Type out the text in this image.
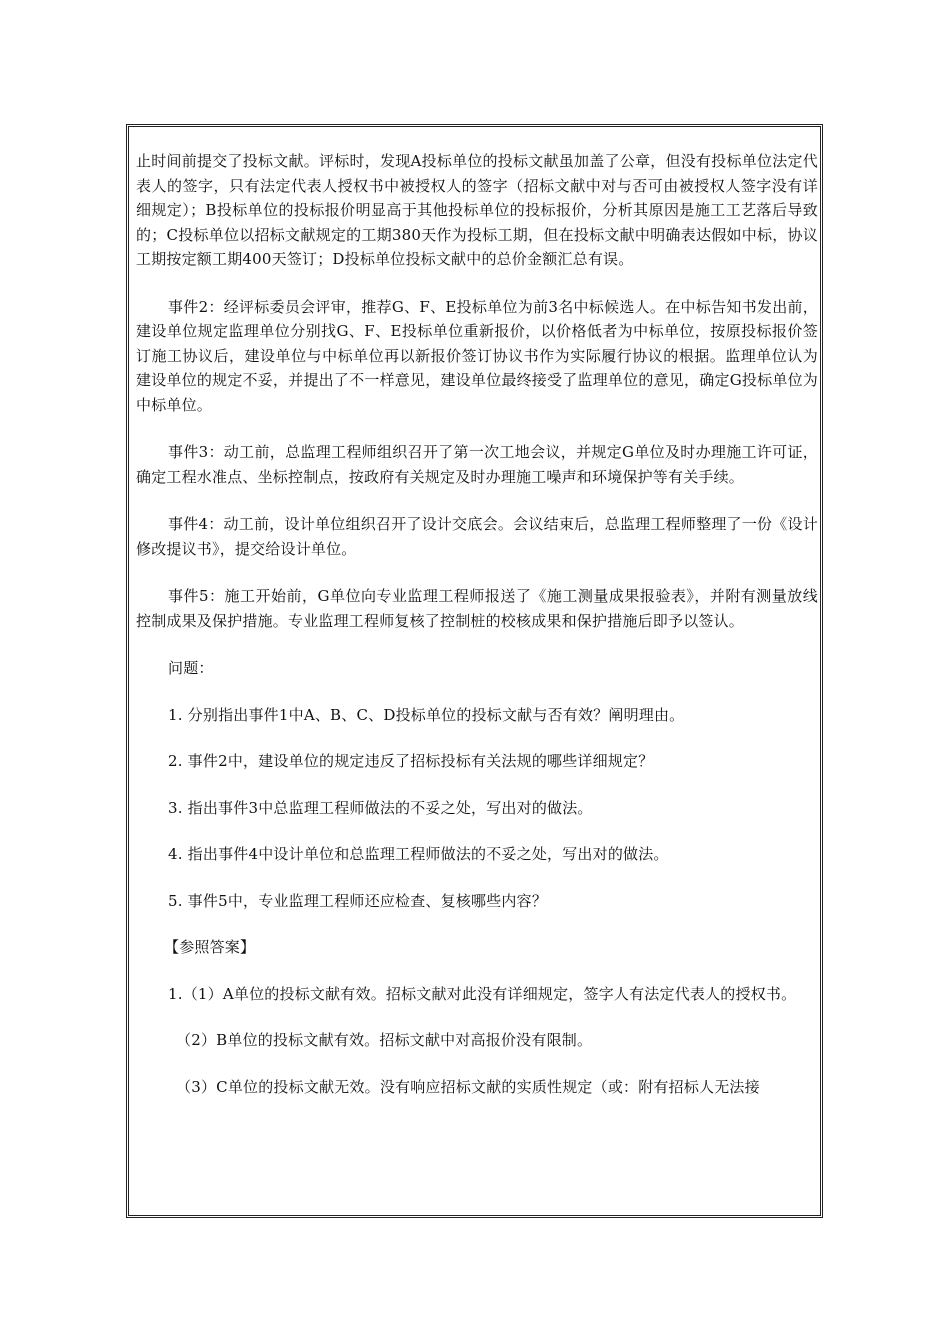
止时间前提交了投标文献。评标时，发现A投标单位的投标文献虽加盖了公章，但没有投标单位法定代表人的签字，只有法定代表人授权书中被授权人的签字（招标文献中对与否可由被授权人签字没有详细规定）；B投标单位的投标报价明显高于其他投标单位的投标报价，分析其原因是施工工艺落后导致的；C投标单位以招标文献规定的工期380天作为投标工期，但在投标文献中明确表达假如中标，协议工期按定额工期400天签订；D投标单位投标文献中的总价金额汇总有误。

事件2：经评标委员会评审，推荐G、F、E投标单位为前3名中标候选人。在中标告知书发出前，建设单位规定监理单位分别找G、F、E投标单位重新报价，以价格低者为中标单位，按原投标报价签订施工协议后，建设单位与中标单位再以新报价签订协议书作为实际履行协议的根据。监理单位认为建设单位的规定不妥，并提出了不一样意见，建设单位最终接受了监理单位的意见，确定G投标单位为中标单位。

事件3：动工前，总监理工程师组织召开了第一次工地会议，并规定G单位及时办理施工许可证，确定工程水准点、坐标控制点，按政府有关规定及时办理施工噪声和环境保护等有关手续。

事件4：动工前，设计单位组织召开了设计交底会。会议结束后，总监理工程师整理了一份《设计修改提议书》，提交给设计单位。

事件5：施工开始前，G单位向专业监理工程师报送了《施工测量成果报验表》，并附有测量放线控制成果及保护措施。专业监理工程师复核了控制桩的校核成果和保护措施后即予以签认。

问题：

1. 分别指出事件1中A、B、C、D投标单位的投标文献与否有效？阐明理由。

2. 事件2中，建设单位的规定违反了招标投标有关法规的哪些详细规定？

3. 指出事件3中总监理工程师做法的不妥之处，写出对的做法。

4. 指出事件4中设计单位和总监理工程师做法的不妥之处，写出对的做法。

5. 事件5中，专业监理工程师还应检查、复核哪些内容？

【参照答案】

1.（1）A单位的投标文献有效。招标文献对此没有详细规定，签字人有法定代表人的授权书。

（2）B单位的投标文献有效。招标文献中对高报价没有限制。

（3）C单位的投标文献无效。没有响应招标文献的实质性规定（或：附有招标人无法接
